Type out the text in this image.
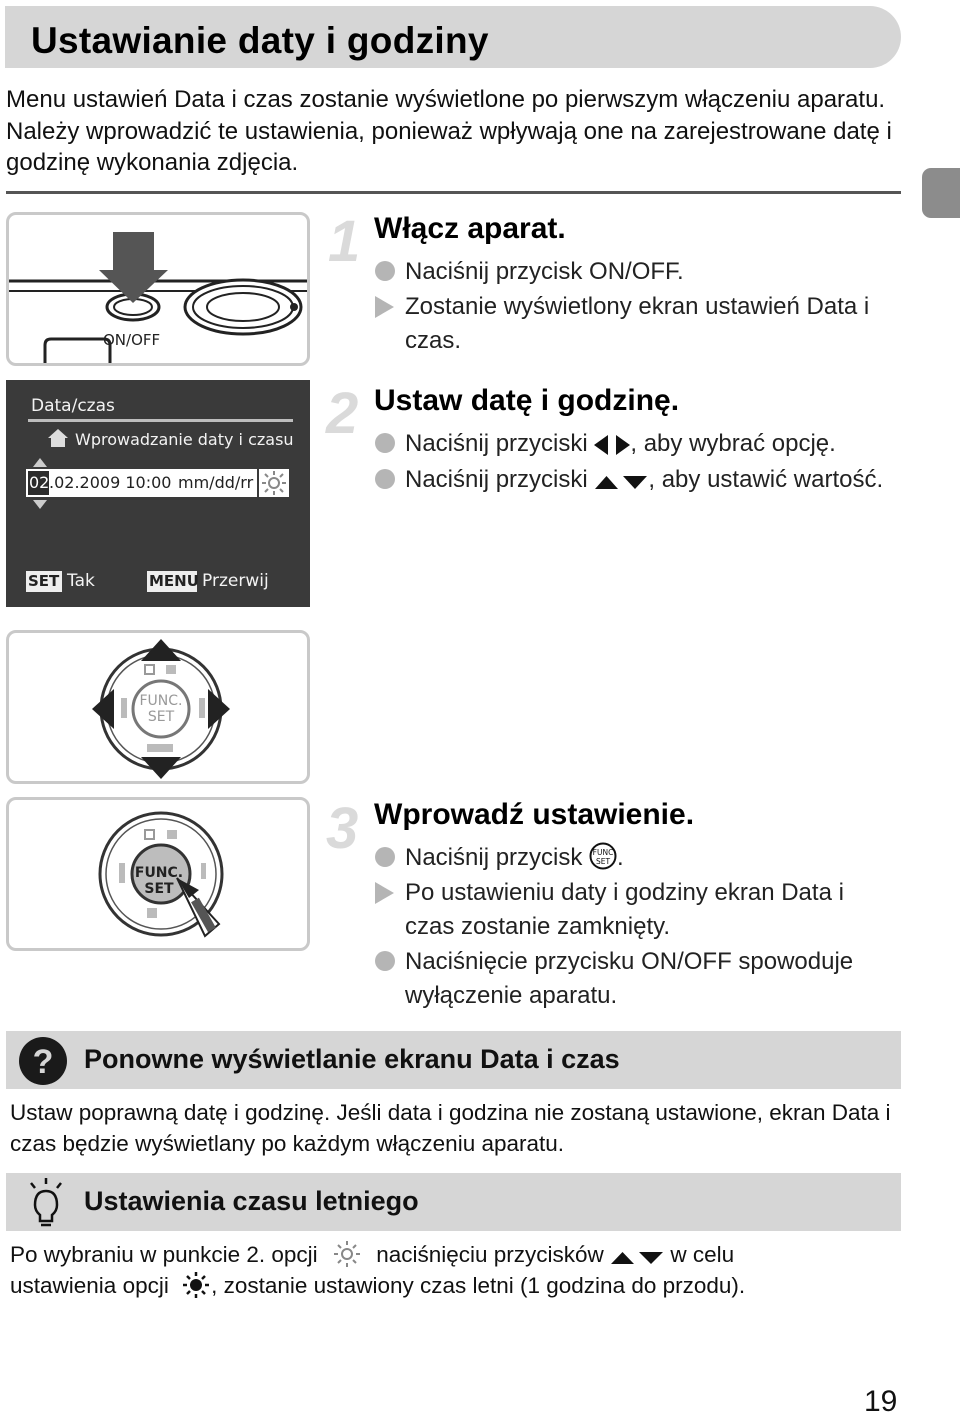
Ustawianie daty i godziny
Menu ustawień Data i czas zostanie wyświetlone po pierwszym włączeniu aparatu. Należy wprowadzić te ustawienia, ponieważ wpływają one na zarejestrowane datę i godzinę wykonania zdjęcia.
ON/OFF
Data/czas
Wprowadzanie daty i czasu
02 .02.2009 10:00 mm/dd/rr
SET Tak	MENU Przerwij
FUNC.
SET
FUNC.
SET
1 Włącz aparat.
Naciśnij przycisk ON/OFF.
Zostanie wyświetlony ekran ustawień Data i czas.
2 Ustaw datę i godzinę.
Naciśnij przyciski , aby wybrać opcję.
Naciśnij przyciski	, aby ustawić wartość.
3 Wprowadź ustawienie.
Naciśnij przycisk FUNC
SET .
Po ustawieniu daty i godziny ekran Data i czas zostanie zamknięty.
Naciśnięcie przycisku ON/OFF spowoduje wyłączenie aparatu.
? Ponowne wyświetlanie ekranu Data i czas
Ustaw poprawną datę i godzinę. Jeśli data i godzina nie zostaną ustawione, ekran Data i czas będzie wyświetlany po każdym włączeniu aparatu.
Ustawienia czasu letniego
Po wybraniu w punkcie 2. opcji	naciśnięciu przycisków	w celu
ustawienia opcji , zostanie ustawiony czas letni (1 godzina do przodu).
19
